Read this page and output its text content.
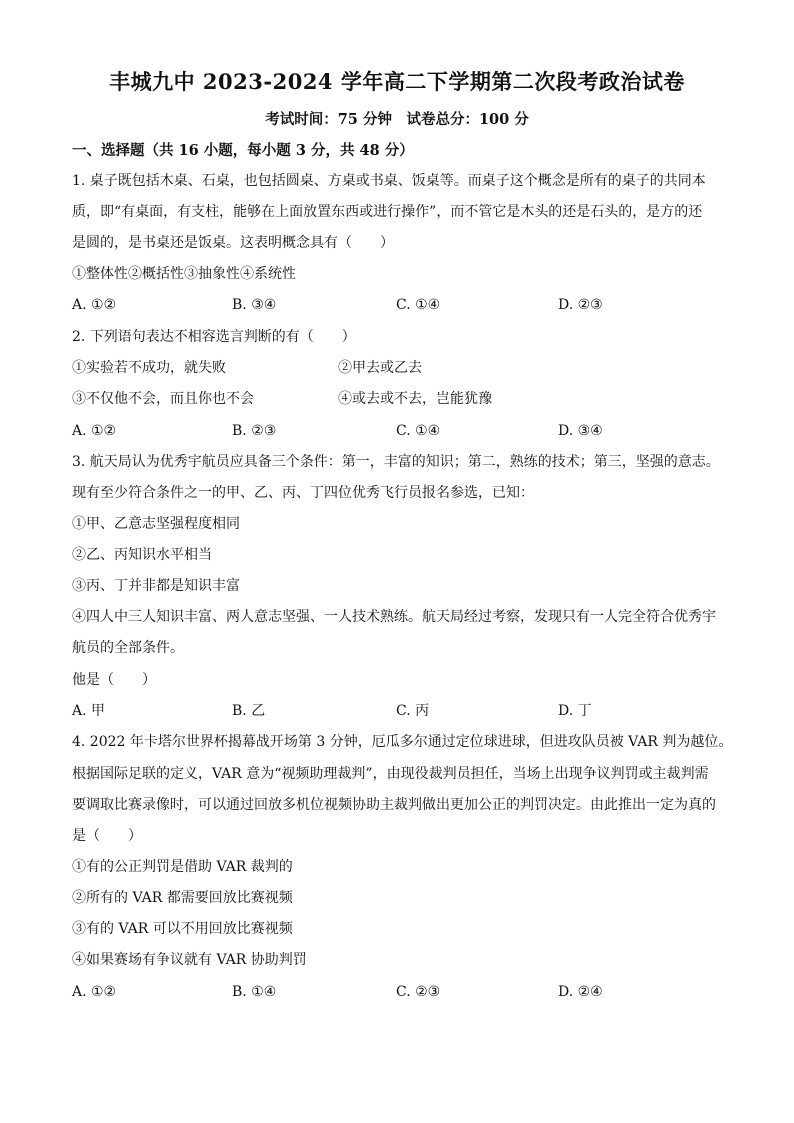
丰城九中 2023-2024 学年高二下学期第二次段考政治试卷
考试时间：75 分钟　试卷总分：100 分
一、选择题（共 16 小题，每小题 3 分，共 48 分）
1. 桌子既包括木桌、石桌，也包括圆桌、方桌或书桌、饭桌等。而桌子这个概念是所有的桌子的共同本
质，即“有桌面，有支柱，能够在上面放置东西或进行操作”，而不管它是木头的还是石头的，是方的还
是圆的，是书桌还是饭桌。这表明概念具有（　　）
①整体性②概括性③抽象性④系统性
A. ①②	B. ③④	C. ①④	D. ②③
2. 下列语句表达不相容选言判断的有（　　）
①实验若不成功，就失败	②甲去或乙去
③不仅他不会，而且你也不会	④或去或不去，岂能犹豫
A. ①②	B. ②③	C. ①④	D. ③④
3. 航天局认为优秀宇航员应具备三个条件：第一，丰富的知识；第二，熟练的技术；第三，坚强的意志。
现有至少符合条件之一的甲、乙、丙、丁四位优秀飞行员报名参选，已知：
①甲、乙意志坚强程度相同
②乙、丙知识水平相当
③丙、丁并非都是知识丰富
④四人中三人知识丰富、两人意志坚强、一人技术熟练。航天局经过考察，发现只有一人完全符合优秀宇
航员的全部条件。
他是（　　）
A. 甲	B. 乙	C. 丙	D. 丁
4. 2022 年卡塔尔世界杯揭幕战开场第 3 分钟，厄瓜多尔通过定位球进球，但进攻队员被 VAR 判为越位。
根据国际足联的定义，VAR 意为“视频助理裁判”，由现役裁判员担任，当场上出现争议判罚或主裁判需
要调取比赛录像时，可以通过回放多机位视频协助主裁判做出更加公正的判罚决定。由此推出一定为真的
是（　　）
①有的公正判罚是借助 VAR 裁判的
②所有的 VAR 都需要回放比赛视频
③有的 VAR 可以不用回放比赛视频
④如果赛场有争议就有 VAR 协助判罚
A. ①②	B. ①④	C. ②③	D. ②④
